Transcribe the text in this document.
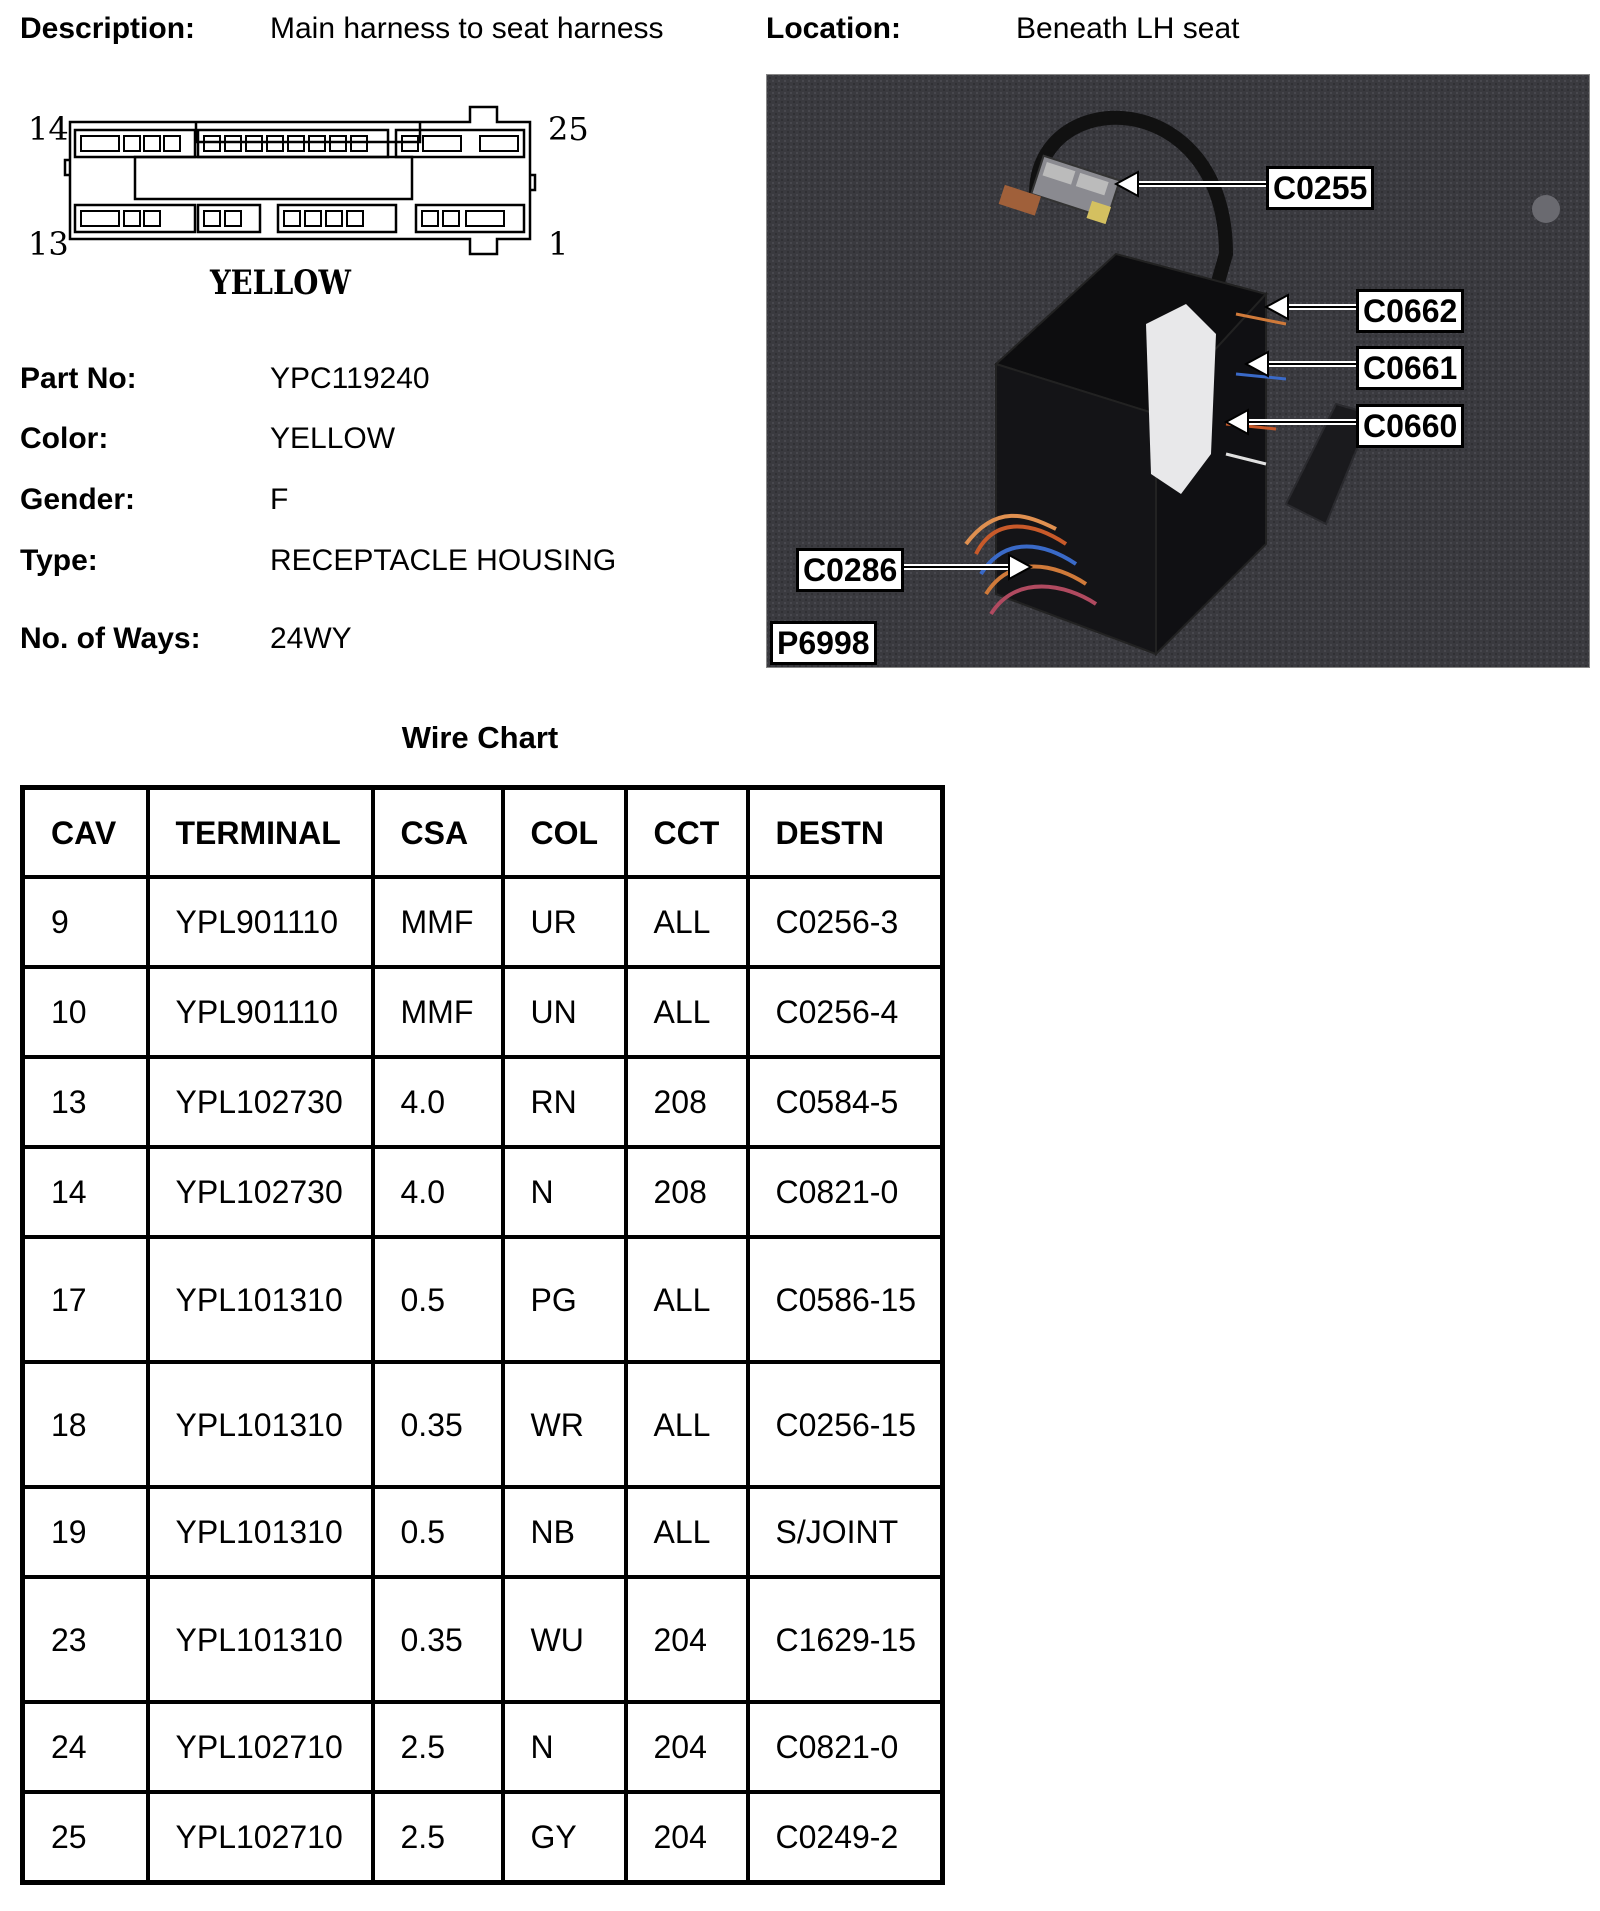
Description: Main harness to seat harness	Location:	Beneath LH seat
14	25
13	1
YELLOW
Part No:	YPC119240
Color:	YELLOW
Gender:	F
Type:	RECEPTACLE HOUSING
No. of Ways: 24WY
C0255
C0662
C0661
C0660
C0286
P6998
Wire Chart
CAV	TERMINAL	CSA	COL	CCT	DESTN
9	YPL901110	MMF	UR	ALL	C0256-3
10	YPL901110	MMF	UN	ALL	C0256-4
13	YPL102730	4.0	RN	208	C0584-5
14	YPL102730	4.0	N	208	C0821-0
17	YPL101310	0.5	PG	ALL	C0586-15
18	YPL101310	0.35	WR	ALL	C0256-15
19	YPL101310	0.5	NB	ALL	S/JOINT
23	YPL101310	0.35	WU	204	C1629-15
24	YPL102710	2.5	N	204	C0821-0
25	YPL102710	2.5	GY	204	C0249-2
